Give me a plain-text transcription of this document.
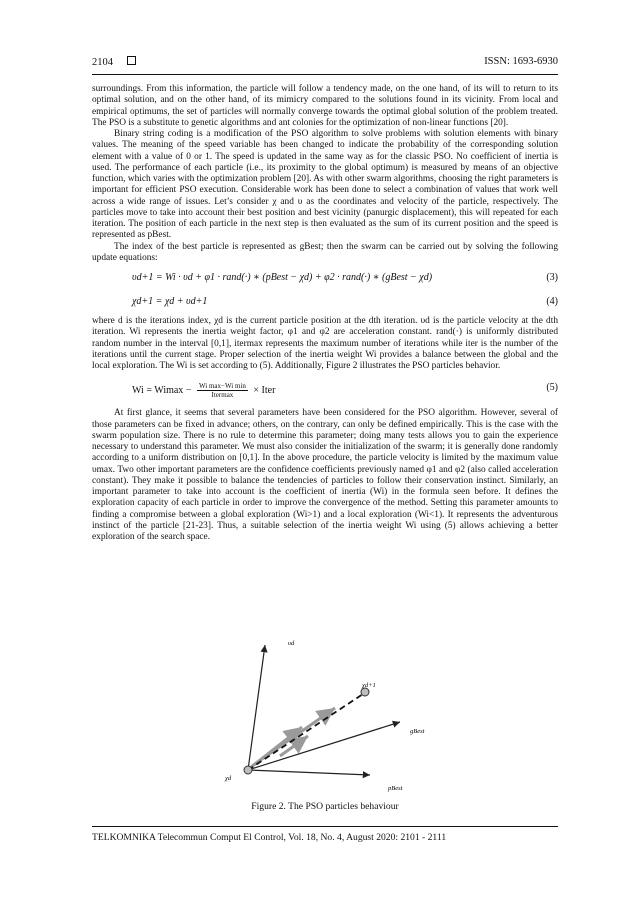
2104	ISSN: 1693-6930

surroundings. From this information, the particle will follow a tendency made, on the one hand, of its will to return to its optimal solution, and on the other hand, of its mimicry compared to the solutions found in its vicinity. From local and empirical optimums, the set of particles will normally converge towards the optimal global solution of the problem treated. The PSO is a substitute to genetic algorithms and ant colonies for the optimization of non-linear functions [20].

Binary string coding is a modification of the PSO algorithm to solve problems with solution elements with binary values. The meaning of the speed variable has been changed to indicate the probability of the corresponding solution element with a value of 0 or 1. The speed is updated in the same way as for the classic PSO. No coefficient of inertia is used. The performance of each particle (i.e., its proximity to the global optimum) is measured by means of an objective function, which varies with the optimization problem [20]. As with other swarm algorithms, choosing the right parameters is important for efficient PSO execution. Considerable work has been done to select a combination of values that work well across a wide range of issues. Let’s consider χ and υ as the coordinates and velocity of the particle, respectively. The particles move to take into account their best position and best vicinity (panurgic displacement), this will repeated for each iteration. The position of each particle in the next step is then evaluated as the sum of its current position and the speed is represented as pBest.

The index of the best particle is represented as gBest; then the swarm can be carried out by solving the following update equations:

υd+1 = Wi · υd + φ1 · rand(·) ∗ (pBest − χd) + φ2 · rand(·) ∗ (gBest − χd)	(3)
χd+1 = χd + υd+1	(4)

where d is the iterations index, χd is the current particle position at the dth iteration. υd is the particle velocity at the dth iteration. Wi represents the inertia weight factor, φ1 and φ2 are acceleration constant. rand(·) is uniformly distributed random number in the interval [0,1], itermax represents the maximum number of iterations while iter is the number of the iterations until the current stage. Proper selection of the inertia weight Wi provides a balance between the global and the local exploration. The Wi is set according to (5). Additionally, Figure 2 illustrates the PSO particles behavior.

Wi = Wimax − Wi max−Wi min
Itermax	× Iter	(5)

At first glance, it seems that several parameters have been considered for the PSO algorithm. However, several of those parameters can be fixed in advance; others, on the contrary, can only be defined empirically. This is the case with the swarm population size. There is no rule to determine this parameter; doing many tests allows you to gain the experience necessary to understand this parameter. We must also consider the initialization of the swarm; it is generally done randomly according to a uniform distribution on [0,1]. In the above procedure, the particle velocity is limited by the maximum value υmax. Two other important parameters are the confidence coefficients previously named φ1 and φ2 (also called acceleration constant). They make it possible to balance the tendencies of particles to follow their conservation instinct. Similarly, an important parameter to take into account is the coefficient of inertia (Wi) in the formula seen before. It defines the exploration capacity of each particle in order to improve the convergence of the method. Setting this parameter amounts to finding a compromise between a global exploration (Wi>1) and a local exploration (Wi<1). It represents the adventurous instinct of the particle [21-23]. Thus, a suitable selection of the inertia weight Wi using (5) allows achieving a better exploration of the search space.

υd
χd+1
gBest
χd
pBest
Figure 2. The PSO particles behaviour
TELKOMNIKA Telecommun Comput El Control, Vol. 18, No. 4, August 2020: 2101 - 2111
